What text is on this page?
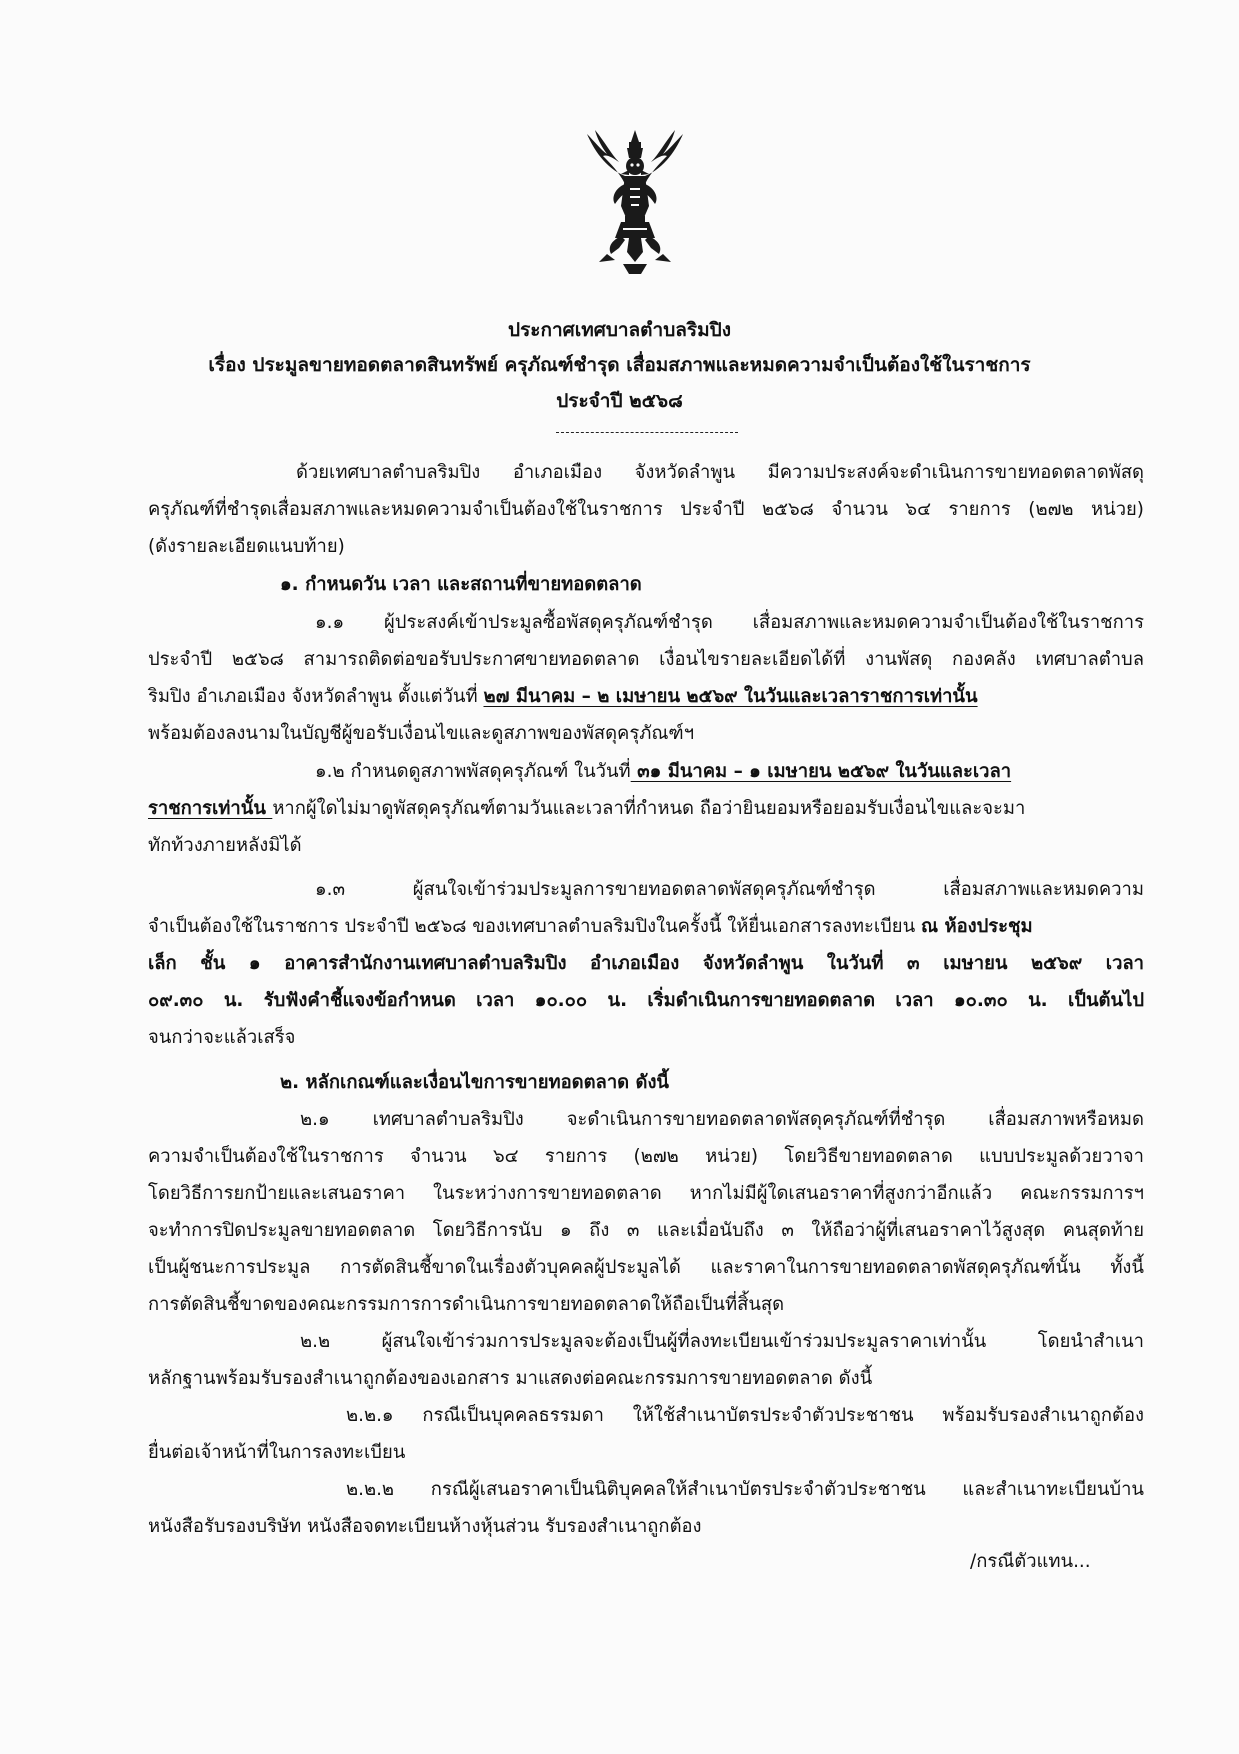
ประกาศเทศบาลตำบลริมปิง
เรื่อง ประมูลขายทอดตลาดสินทรัพย์ ครุภัณฑ์ชำรุด เสื่อมสภาพและหมดความจำเป็นต้องใช้ในราชการ
ประจำปี ๒๕๖๘
ด้วยเทศบาลตำบลริมปิง อำเภอเมือง จังหวัดลำพูน มีความประสงค์จะดำเนินการขายทอดตลาดพัสดุ
ครุภัณฑ์ที่ชำรุดเสื่อมสภาพและหมดความจำเป็นต้องใช้ในราชการ ประจำปี ๒๕๖๘ จำนวน ๖๔ รายการ (๒๗๒ หน่วย)
(ดังรายละเอียดแนบท้าย)
๑. กำหนดวัน เวลา และสถานที่ขายทอดตลาด
๑.๑ ผู้ประสงค์เข้าประมูลซื้อพัสดุครุภัณฑ์ชำรุด เสื่อมสภาพและหมดความจำเป็นต้องใช้ในราชการ
ประจำปี ๒๕๖๘ สามารถติดต่อขอรับประกาศขายทอดตลาด เงื่อนไขรายละเอียดได้ที่ งานพัสดุ กองคลัง เทศบาลตำบล
ริมปิง อำเภอเมือง จังหวัดลำพูน ตั้งแต่วันที่ ๒๗ มีนาคม – ๒ เมษายน ๒๕๖๙ ในวันและเวลาราชการเท่านั้น
พร้อมต้องลงนามในบัญชีผู้ขอรับเงื่อนไขและดูสภาพของพัสดุครุภัณฑ์ฯ
๑.๒ กำหนดดูสภาพพัสดุครุภัณฑ์ ในวันที่ ๓๑ มีนาคม – ๑ เมษายน ๒๕๖๙ ในวันและเวลา
ราชการเท่านั้น หากผู้ใดไม่มาดูพัสดุครุภัณฑ์ตามวันและเวลาที่กำหนด ถือว่ายินยอมหรือยอมรับเงื่อนไขและจะมา
ทักท้วงภายหลังมิได้
๑.๓ ผู้สนใจเข้าร่วมประมูลการขายทอดตลาดพัสดุครุภัณฑ์ชำรุด เสื่อมสภาพและหมดความ
จำเป็นต้องใช้ในราชการ ประจำปี ๒๕๖๘ ของเทศบาลตำบลริมปิงในครั้งนี้ ให้ยื่นเอกสารลงทะเบียน ณ ห้องประชุม
เล็ก ชั้น ๑ อาคารสำนักงานเทศบาลตำบลริมปิง อำเภอเมือง จังหวัดลำพูน ในวันที่ ๓ เมษายน ๒๕๖๙ เวลา
๐๙.๓๐ น. รับฟังคำชี้แจงข้อกำหนด เวลา ๑๐.๐๐ น. เริ่มดำเนินการขายทอดตลาด เวลา ๑๐.๓๐ น. เป็นต้นไป
จนกว่าจะแล้วเสร็จ
๒. หลักเกณฑ์และเงื่อนไขการขายทอดตลาด ดังนี้
๒.๑ เทศบาลตำบลริมปิง จะดำเนินการขายทอดตลาดพัสดุครุภัณฑ์ที่ชำรุด เสื่อมสภาพหรือหมด
ความจำเป็นต้องใช้ในราชการ จำนวน ๖๔ รายการ (๒๗๒ หน่วย) โดยวิธีขายทอดตลาด แบบประมูลด้วยวาจา
โดยวิธีการยกป้ายและเสนอราคา ในระหว่างการขายทอดตลาด หากไม่มีผู้ใดเสนอราคาที่สูงกว่าอีกแล้ว คณะกรรมการฯ
จะทำการปิดประมูลขายทอดตลาด โดยวิธีการนับ ๑ ถึง ๓ และเมื่อนับถึง ๓ ให้ถือว่าผู้ที่เสนอราคาไว้สูงสุด คนสุดท้าย
เป็นผู้ชนะการประมูล การตัดสินชี้ขาดในเรื่องตัวบุคคลผู้ประมูลได้ และราคาในการขายทอดตลาดพัสดุครุภัณฑ์นั้น ทั้งนี้
การตัดสินชี้ขาดของคณะกรรมการการดำเนินการขายทอดตลาดให้ถือเป็นที่สิ้นสุด
๒.๒ ผู้สนใจเข้าร่วมการประมูลจะต้องเป็นผู้ที่ลงทะเบียนเข้าร่วมประมูลราคาเท่านั้น โดยนำสำเนา
หลักฐานพร้อมรับรองสำเนาถูกต้องของเอกสาร มาแสดงต่อคณะกรรมการขายทอดตลาด ดังนี้
๒.๒.๑ กรณีเป็นบุคคลธรรมดา ให้ใช้สำเนาบัตรประจำตัวประชาชน พร้อมรับรองสำเนาถูกต้อง
ยื่นต่อเจ้าหน้าที่ในการลงทะเบียน
๒.๒.๒ กรณีผู้เสนอราคาเป็นนิติบุคคลให้สำเนาบัตรประจำตัวประชาชน และสำเนาทะเบียนบ้าน
หนังสือรับรองบริษัท หนังสือจดทะเบียนห้างหุ้นส่วน รับรองสำเนาถูกต้อง
/กรณีตัวแทน...
